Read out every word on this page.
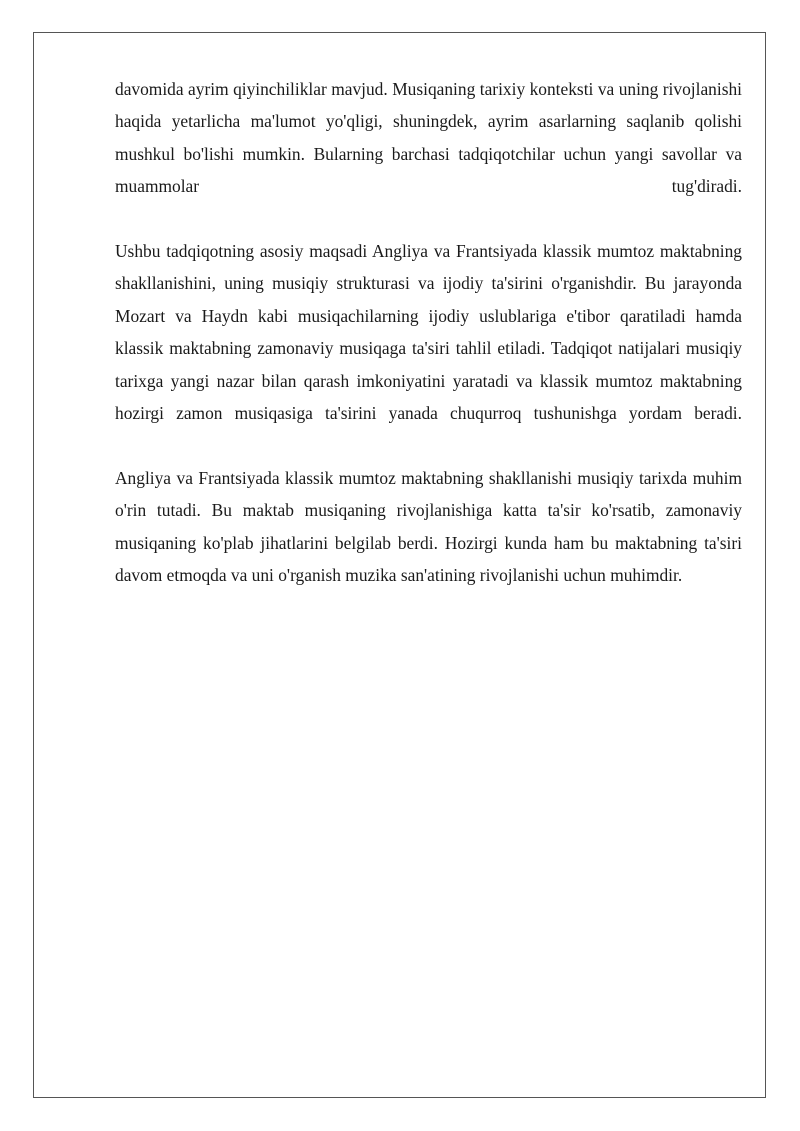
davomida ayrim qiyinchiliklar mavjud. Musiqaning tarixiy konteksti va uning rivojlanishi haqida yetarlicha ma'lumot yo'qligi, shuningdek, ayrim asarlarning saqlanib qolishi mushkul bo'lishi mumkin. Bularning barchasi tadqiqotchilar uchun yangi savollar va muammolar tug'diradi.

Ushbu tadqiqotning asosiy maqsadi Angliya va Frantsiyada klassik mumtoz maktabning shakllanishini, uning musiqiy strukturasi va ijodiy ta'sirini o'rganishdir. Bu jarayonda Mozart va Haydn kabi musiqachilarning ijodiy uslublariga e'tibor qaratiladi hamda klassik maktabning zamonaviy musiqaga ta'siri tahlil etiladi. Tadqiqot natijalari musiqiy tarixga yangi nazar bilan qarash imkoniyatini yaratadi va klassik mumtoz maktabning hozirgi zamon musiqasiga ta'sirini yanada chuqurroq tushunishga yordam beradi.

Angliya va Frantsiyada klassik mumtoz maktabning shakllanishi musiqiy tarixda muhim o'rin tutadi. Bu maktab musiqaning rivojlanishiga katta ta'sir ko'rsatib, zamonaviy musiqaning ko'plab jihatlarini belgilab berdi. Hozirgi kunda ham bu maktabning ta'siri davom etmoqda va uni o'rganish muzika san'atining rivojlanishi uchun muhimdir.
